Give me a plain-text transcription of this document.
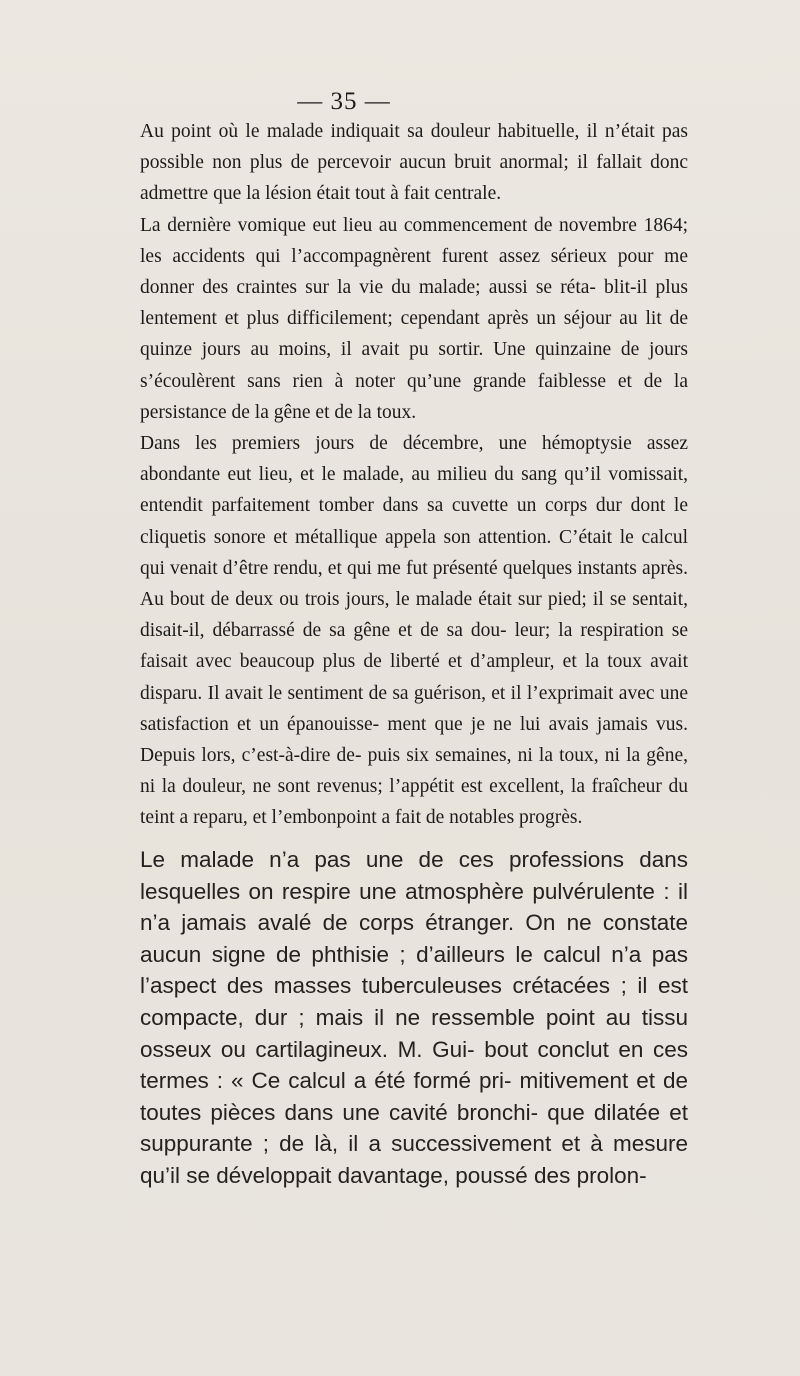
— 35 —

Au point où le malade indiquait sa douleur habituelle, il n’était pas possible non plus de percevoir aucun bruit anormal; il fallait donc admettre que la lésion était tout à fait centrale.

La dernière vomique eut lieu au commencement de novembre 1864; les accidents qui l’accompagnèrent furent assez sérieux pour me donner des craintes sur la vie du malade; aussi se réta- blit-il plus lentement et plus difficilement; cependant après un séjour au lit de quinze jours au moins, il avait pu sortir. Une quinzaine de jours s’écoulèrent sans rien à noter qu’une grande faiblesse et de la persistance de la gêne et de la toux.

Dans les premiers jours de décembre, une hémoptysie assez abondante eut lieu, et le malade, au milieu du sang qu’il vomissait, entendit parfaitement tomber dans sa cuvette un corps dur dont le cliquetis sonore et métallique appela son attention. C’était le calcul qui venait d’être rendu, et qui me fut présenté quelques instants après. Au bout de deux ou trois jours, le malade était sur pied; il se sentait, disait-il, débarrassé de sa gêne et de sa dou- leur; la respiration se faisait avec beaucoup plus de liberté et d’ampleur, et la toux avait disparu. Il avait le sentiment de sa guérison, et il l’exprimait avec une satisfaction et un épanouisse- ment que je ne lui avais jamais vus. Depuis lors, c’est-à-dire de- puis six semaines, ni la toux, ni la gêne, ni la douleur, ne sont revenus; l’appétit est excellent, la fraîcheur du teint a reparu, et l’embonpoint a fait de notables progrès.

Le malade n’a pas une de ces professions dans lesquelles on respire une atmosphère pulvérulente : il n’a jamais avalé de corps étranger. On ne constate aucun signe de phthisie ; d’ailleurs le calcul n’a pas l’aspect des masses tuberculeuses crétacées ; il est compacte, dur ; mais il ne ressemble point au tissu osseux ou cartilagineux. M. Gui- bout conclut en ces termes : « Ce calcul a été formé pri- mitivement et de toutes pièces dans une cavité bronchi- que dilatée et suppurante ; de là, il a successivement et à mesure qu’il se développait davantage, poussé des prolon-
